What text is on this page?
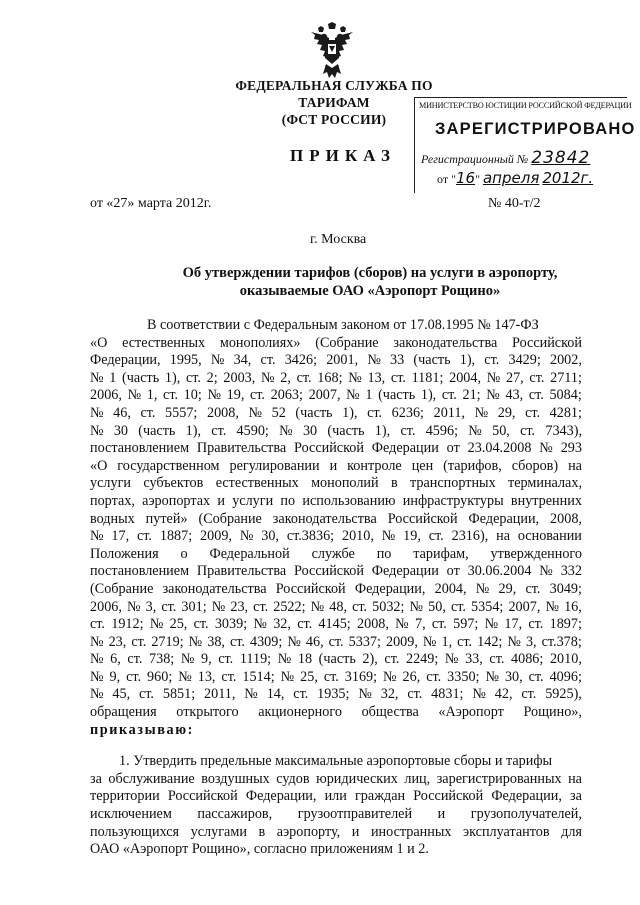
ФЕДЕРАЛЬНАЯ СЛУЖБА ПО ТАРИФАМ
(ФСТ РОССИИ)
МИНИСТЕРСТВО ЮСТИЦИИ РОССИЙСКОЙ ФЕДЕРАЦИИ
ЗАРЕГИСТРИРОВАНО
Регистрационный № 23842
от "16" апреля 2012г.
ПРИКАЗ
от «27» марта 2012г.	№ 40-т/2
г. Москва
Об утверждении тарифов (сборов) на услуги в аэропорту,
оказываемые ОАО «Аэропорт Рощино»
В соответствии с Федеральным законом от 17.08.1995 № 147-ФЗ
«О естественных монополиях» (Собрание законодательства Российской
Федерации, 1995, № 34, ст. 3426; 2001, № 33 (часть 1), ст. 3429; 2002,
№ 1 (часть 1), ст. 2; 2003, № 2, ст. 168; № 13, ст. 1181; 2004, № 27, ст. 2711;
2006, № 1, ст. 10; № 19, ст. 2063; 2007, № 1 (часть 1), ст. 21; № 43, ст. 5084;
№ 46, ст. 5557; 2008, № 52 (часть 1), ст. 6236; 2011, № 29, ст. 4281;
№ 30 (часть 1), ст. 4590; № 30 (часть 1), ст. 4596; № 50, ст. 7343),
постановлением Правительства Российской Федерации от 23.04.2008 № 293
«О государственном регулировании и контроле цен (тарифов, сборов) на
услуги субъектов естественных монополий в транспортных терминалах,
портах, аэропортах и услуги по использованию инфраструктуры внутренних
водных путей» (Собрание законодательства Российской Федерации, 2008,
№ 17, ст. 1887; 2009, № 30, ст.3836; 2010, № 19, ст. 2316), на основании
Положения о Федеральной службе по тарифам, утвержденного
постановлением Правительства Российской Федерации от 30.06.2004 № 332
(Собрание законодательства Российской Федерации, 2004, № 29, ст. 3049;
2006, № 3, ст. 301; № 23, ст. 2522; № 48, ст. 5032; № 50, ст. 5354; 2007, № 16,
ст. 1912; № 25, ст. 3039; № 32, ст. 4145; 2008, № 7, ст. 597; № 17, ст. 1897;
№ 23, ст. 2719; № 38, ст. 4309; № 46, ст. 5337; 2009, № 1, ст. 142; № 3, ст.378;
№ 6, ст. 738; № 9, ст. 1119; № 18 (часть 2), ст. 2249; № 33, ст. 4086; 2010,
№ 9, ст. 960; № 13, ст. 1514; № 25, ст. 3169; № 26, ст. 3350; № 30, ст. 4096;
№ 45, ст. 5851; 2011, № 14, ст. 1935; № 32, ст. 4831; № 42, ст. 5925),
обращения открытого акционерного общества «Аэропорт Рощино»,
приказываю:
1. Утвердить предельные максимальные аэропортовые сборы и тарифы
за обслуживание воздушных судов юридических лиц, зарегистрированных на
территории Российской Федерации, или граждан Российской Федерации, за
исключением пассажиров, грузоотправителей и грузополучателей,
пользующихся услугами в аэропорту, и иностранных эксплуатантов для
ОАО «Аэропорт Рощино», согласно приложениям 1 и 2.
